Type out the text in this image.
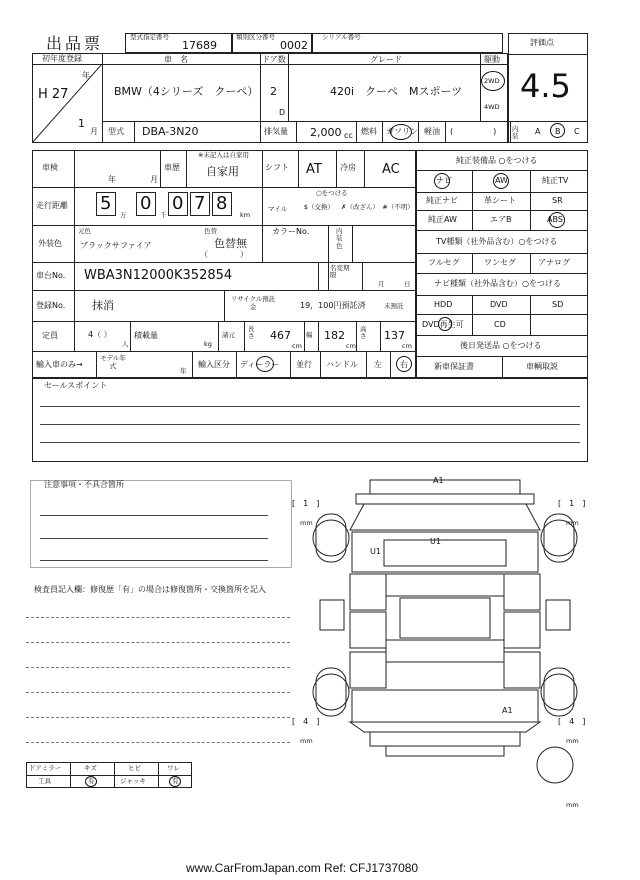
出品票	型式指定番号
17689
類別区分番号
0002
シリアル番号
評価点
4.5
初年度登録
H 27
年
1
月
車　名
BMW（4シリーズ　クーペ）
ドア数
2
D
グレード
420i　クーペ　Mスポーツ
駆動
2WD
4WD
型式 DBA-3N20	排気量 2,000 cc 燃料 ガソリン 軽油 (　　　　　) 内装	A B C
車検
年	月
車歴
※未記入は自家用
自家用	シフト AT 冷房 AC
走行距離 5
万
0
千
0 7 8
km
○をつける
マイル	$（交換） ✗（改ざん） #（不明）
外装色
元色
ブラックサファイア
色替
色替無
（　　　　）
カラーNo.	内装色
車台No. WBA3N12000K352854	名変期限
月	日
登録No. 抹消	リサイクル預託金	19，100円預託済	未預託
定員	4（ ）
人
積載量
kg
諸元
長さ 467
cm
幅 182
cm
高さ 137
cm
輸入車のみ→
モデル年式
年
輸入区分 ディーラー 並行 ハンドル 左 右
純正装備品 ○をつける
ナビ	AW	純正TV
純正ナビ	革シート	SR
純正AW	エアB	ABS
TV種類（社外品含む）○をつける
フルセグ	ワンセグ	アナログ
ナビ種類（社外品含む）○をつける
HDD	DVD	SD
DVD再生可	CD
後日発送品 ○をつける
新車保証書	車輌取説
セールスポイント
注意事項・不具合箇所
検査員記入欄：修復歴「有」の場合は修復箇所・交換箇所を記入
A1
U1
U1
A1
[　1　]
mm
[　1　]
mm
[　4　]
mm
[　4　]
mm
mm
ドアミラー	キズ	ヒビ	ワレ
工具	有	ジャッキ	有
www.CarFromJapan.com Ref: CFJ1737080
